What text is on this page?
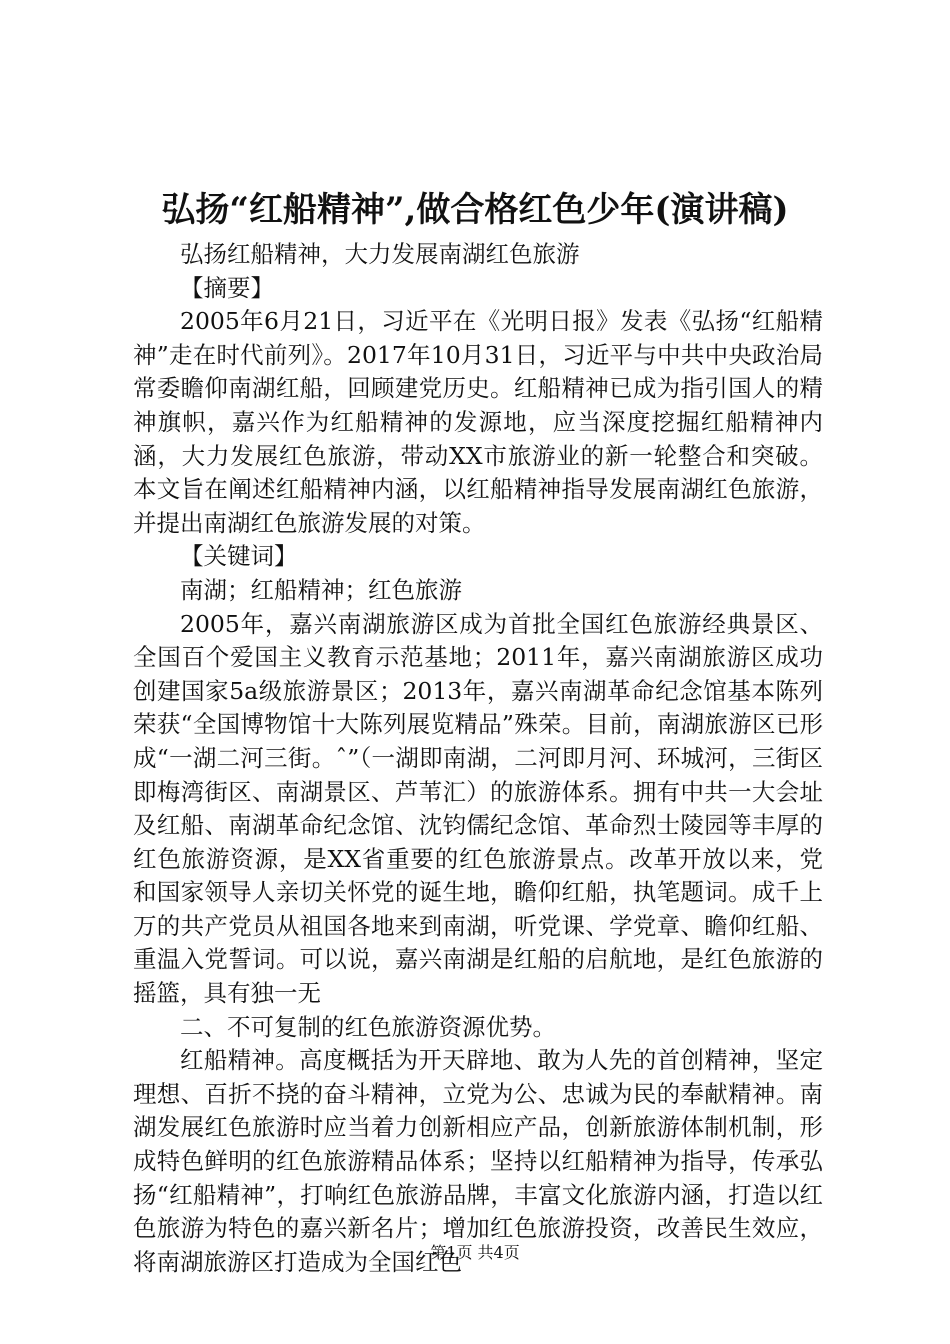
弘扬“红船精神”,做合格红色少年(演讲稿)

弘扬红船精神，大力发展南湖红色旅游

【摘要】

2005年6月21日，习近平在《光明日报》发表《弘扬“红船精神”走在时代前列》。2017年10月31日，习近平与中共中央政治局常委瞻仰南湖红船，回顾建党历史。红船精神已成为指引国人的精神旗帜，嘉兴作为红船精神的发源地，应当深度挖掘红船精神内涵，大力发展红色旅游，带动XX市旅游业的新一轮整合和突破。本文旨在阐述红船精神内涵，以红船精神指导发展南湖红色旅游，并提出南湖红色旅游发展的对策。

【关键词】

南湖；红船精神；红色旅游

2005年，嘉兴南湖旅游区成为首批全国红色旅游经典景区、全国百个爱国主义教育示范基地；2011年，嘉兴南湖旅游区成功创建国家5a级旅游景区；2013年，嘉兴南湖革命纪念馆基本陈列荣获“全国博物馆十大陈列展览精品”殊荣。目前，南湖旅游区已形成“一湖二河三街。ˆ”（一湖即南湖，二河即月河、环城河，三街区即梅湾街区、南湖景区、芦苇汇）的旅游体系。拥有中共一大会址及红船、南湖革命纪念馆、沈钧儒纪念馆、革命烈士陵园等丰厚的红色旅游资源，是XX省重要的红色旅游景点。改革开放以来，党和国家领导人亲切关怀党的诞生地，瞻仰红船，执笔题词。成千上万的共产党员从祖国各地来到南湖，听党课、学党章、瞻仰红船、重温入党誓词。可以说，嘉兴南湖是红船的启航地，是红色旅游的摇篮，具有独一无

二、不可复制的红色旅游资源优势。

红船精神。高度概括为开天辟地、敢为人先的首创精神，坚定理想、百折不挠的奋斗精神，立党为公、忠诚为民的奉献精神。南湖发展红色旅游时应当着力创新相应产品，创新旅游体制机制，形成特色鲜明的红色旅游精品体系；坚持以红船精神为指导，传承弘扬“红船精神”，打响红色旅游品牌，丰富文化旅游内涵，打造以红色旅游为特色的嘉兴新名片；增加红色旅游投资，改善民生效应，将南湖旅游区打造成为全国红色

第1页 共4页
